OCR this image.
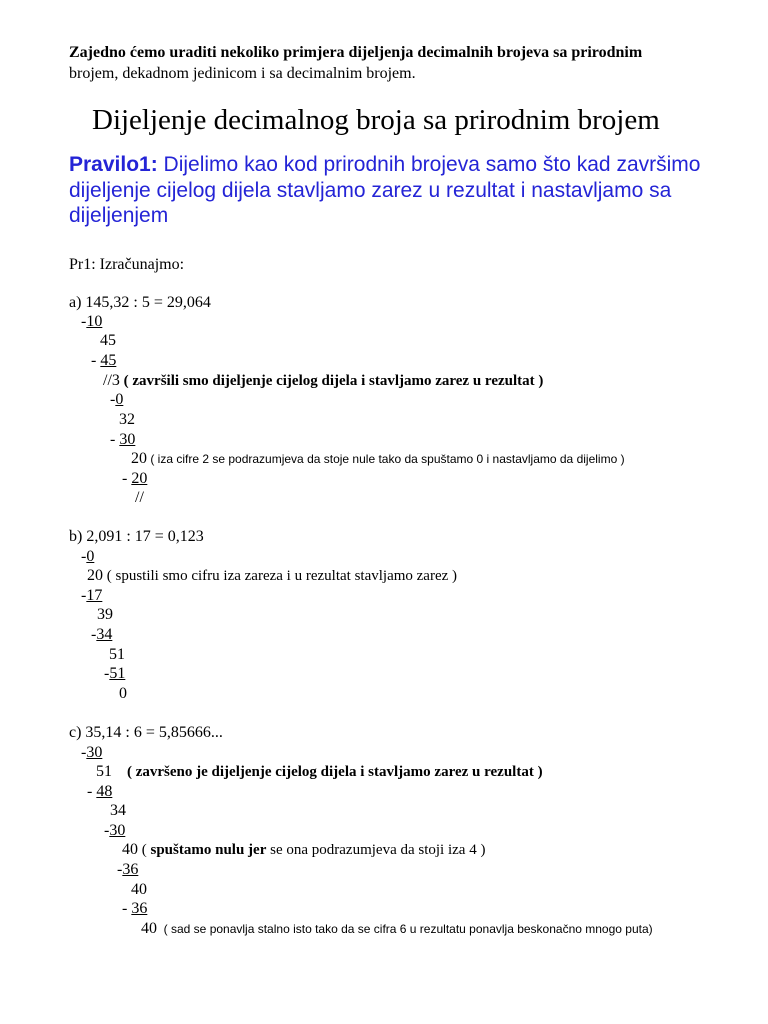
Zajedno ćemo uraditi nekoliko primjera dijeljenja decimalnih brojeva sa prirodnim
brojem, dekadnom jedinicom i sa decimalnim brojem.
Dijeljenje decimalnog broja sa prirodnim brojem
Pravilo1: Dijelimo kao kod prirodnih brojeva samo što kad završimo
dijeljenje cijelog dijela stavljamo zarez u rezultat i nastavljamo sa
dijeljenjem
Pr1: Izračunajmo:
a) 145,32 : 5 = 29,064
-10
45
- 45
//3 ( završili smo dijeljenje cijelog dijela i stavljamo zarez u rezultat )
-0
32
- 30
20 ( iza cifre 2 se podrazumjeva da stoje nule tako da spuštamo 0 i nastavljamo da dijelimo )
- 20
//
b) 2,091 : 17 = 0,123
-0
20 ( spustili smo cifru iza zareza i u rezultat stavljamo zarez )
-17
39
-34
51
-51
0
c) 35,14 : 6 = 5,85666...
-30
51    ( završeno je dijeljenje cijelog dijela i stavljamo zarez u rezultat )
- 48
34
-30
40 ( spuštamo nulu jer se ona podrazumjeva da stoji iza 4 )
-36
40
- 36
40  ( sad se ponavlja stalno isto tako da se cifra 6 u rezultatu ponavlja beskonačno mnogo puta)
